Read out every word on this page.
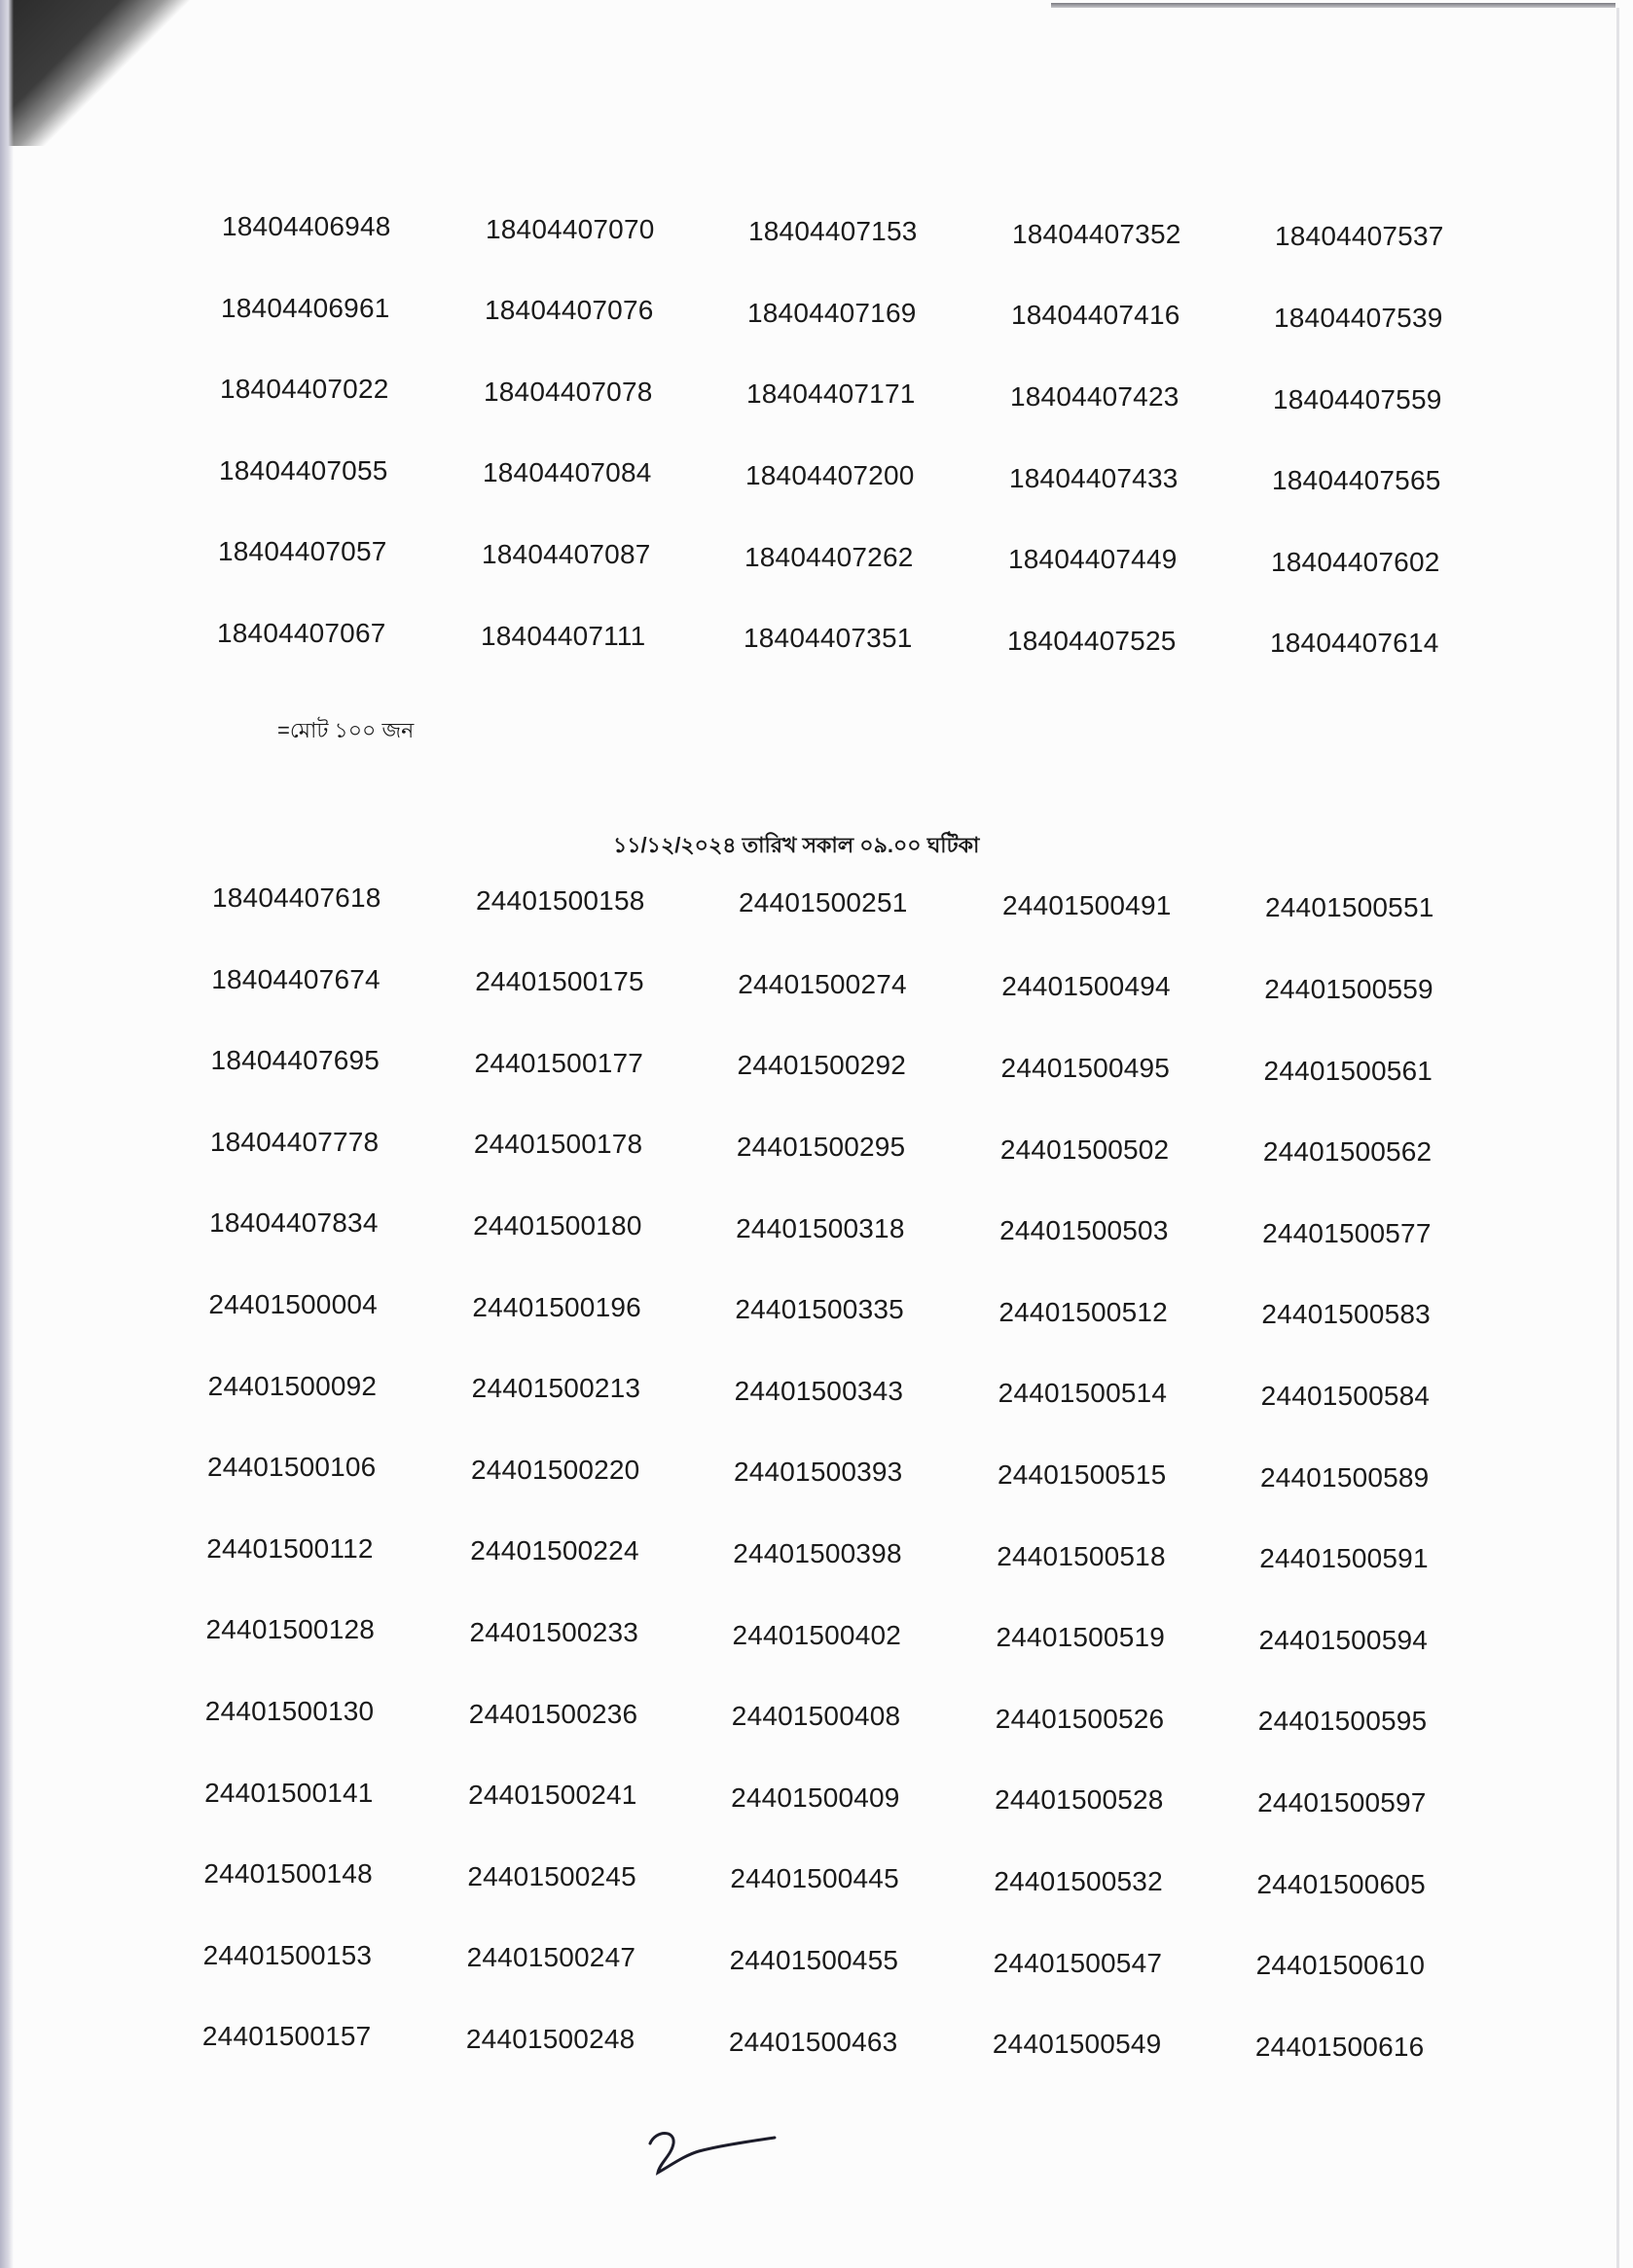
18404406948	18404407070	18404407153	18404407352	18404407537
18404406961	18404407076	18404407169	18404407416	18404407539
18404407022	18404407078	18404407171	18404407423	18404407559
18404407055	18404407084	18404407200	18404407433	18404407565
18404407057	18404407087	18404407262	18404407449	18404407602
18404407067	18404407111	18404407351	18404407525	18404407614
=মোট ১০০ জন
১১/১২/২০২৪ তারিখ সকাল ০৯.০০ ঘটিকা
18404407618	24401500158	24401500251	24401500491	24401500551
18404407674	24401500175	24401500274	24401500494	24401500559
18404407695	24401500177	24401500292	24401500495	24401500561
18404407778	24401500178	24401500295	24401500502	24401500562
18404407834	24401500180	24401500318	24401500503	24401500577
24401500004	24401500196	24401500335	24401500512	24401500583
24401500092	24401500213	24401500343	24401500514	24401500584
24401500106	24401500220	24401500393	24401500515	24401500589
24401500112	24401500224	24401500398	24401500518	24401500591
24401500128	24401500233	24401500402	24401500519	24401500594
24401500130	24401500236	24401500408	24401500526	24401500595
24401500141	24401500241	24401500409	24401500528	24401500597
24401500148	24401500245	24401500445	24401500532	24401500605
24401500153	24401500247	24401500455	24401500547	24401500610
24401500157	24401500248	24401500463	24401500549	24401500616
